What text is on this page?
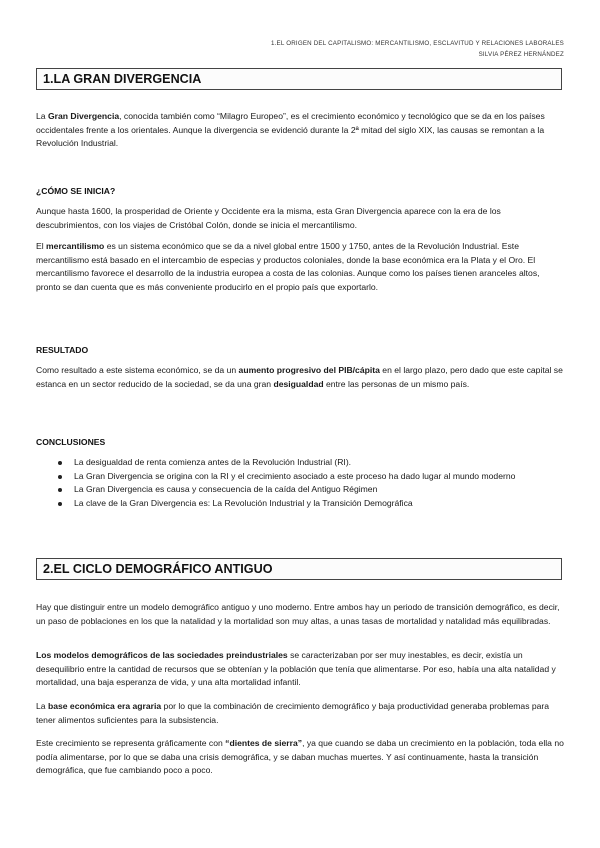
1.EL ORIGEN DEL CAPITALISMO: MERCANTILISMO, ESCLAVITUD Y RELACIONES LABORALES
SILVIA PÉREZ HERNÁNDEZ
1.LA GRAN DIVERGENCIA

La Gran Divergencia, conocida también como “Milagro Europeo”, es el crecimiento económico y tecnológico que se da en los países occidentales frente a los orientales. Aunque la divergencia se evidenció durante la 2ª mitad del siglo XIX, las causas se remontan a la Revolución Industrial.

¿CÓMO SE INICIA?

Aunque hasta 1600, la prosperidad de Oriente y Occidente era la misma, esta Gran Divergencia aparece con la era de los descubrimientos, con los viajes de Cristóbal Colón, donde se inicia el mercantilismo.

El mercantilismo es un sistema económico que se da a nivel global entre 1500 y 1750, antes de la Revolución Industrial. Este mercantilismo está basado en el intercambio de especias y productos coloniales, donde la base económica era la Plata y el Oro. El mercantilismo favorece el desarrollo de la industria europea a costa de las colonias. Aunque como los países tienen aranceles altos, pronto se dan cuenta que es más conveniente producirlo en el propio país que exportarlo.

RESULTADO

Como resultado a este sistema económico, se da un aumento progresivo del PIB/cápita en el largo plazo, pero dado que este capital se estanca en un sector reducido de la sociedad, se da una gran desigualdad entre las personas de un mismo país.

CONCLUSIONES
La desigualdad de renta comienza antes de la Revolución Industrial (RI).
La Gran Divergencia se origina con la RI y el crecimiento asociado a este proceso ha dado lugar al mundo moderno
La Gran Divergencia es causa y consecuencia de la caída del Antiguo Régimen
La clave de la Gran Divergencia es: La Revolución Industrial y la Transición Demográfica
2.EL CICLO DEMOGRÁFICO ANTIGUO

Hay que distinguir entre un modelo demográfico antiguo y uno moderno. Entre ambos hay un periodo de transición demográfico, es decir, un paso de poblaciones en los que la natalidad y la mortalidad son muy altas, a unas tasas de mortalidad y natalidad más equilibradas.

Los modelos demográficos de las sociedades preindustriales se caracterizaban por ser muy inestables, es decir, existía un desequilibrio entre la cantidad de recursos que se obtenían y la población que tenía que alimentarse. Por eso, había una alta natalidad y mortalidad, una baja esperanza de vida, y una alta mortalidad infantil.

La base económica era agraria por lo que la combinación de crecimiento demográfico y baja productividad generaba problemas para tener alimentos suficientes para la subsistencia.

Este crecimiento se representa gráficamente con “dientes de sierra”, ya que cuando se daba un crecimiento en la población, toda ella no podía alimentarse, por lo que se daba una crisis demográfica, y se daban muchas muertes. Y así continuamente, hasta la transición demográfica, que fue cambiando poco a poco.
